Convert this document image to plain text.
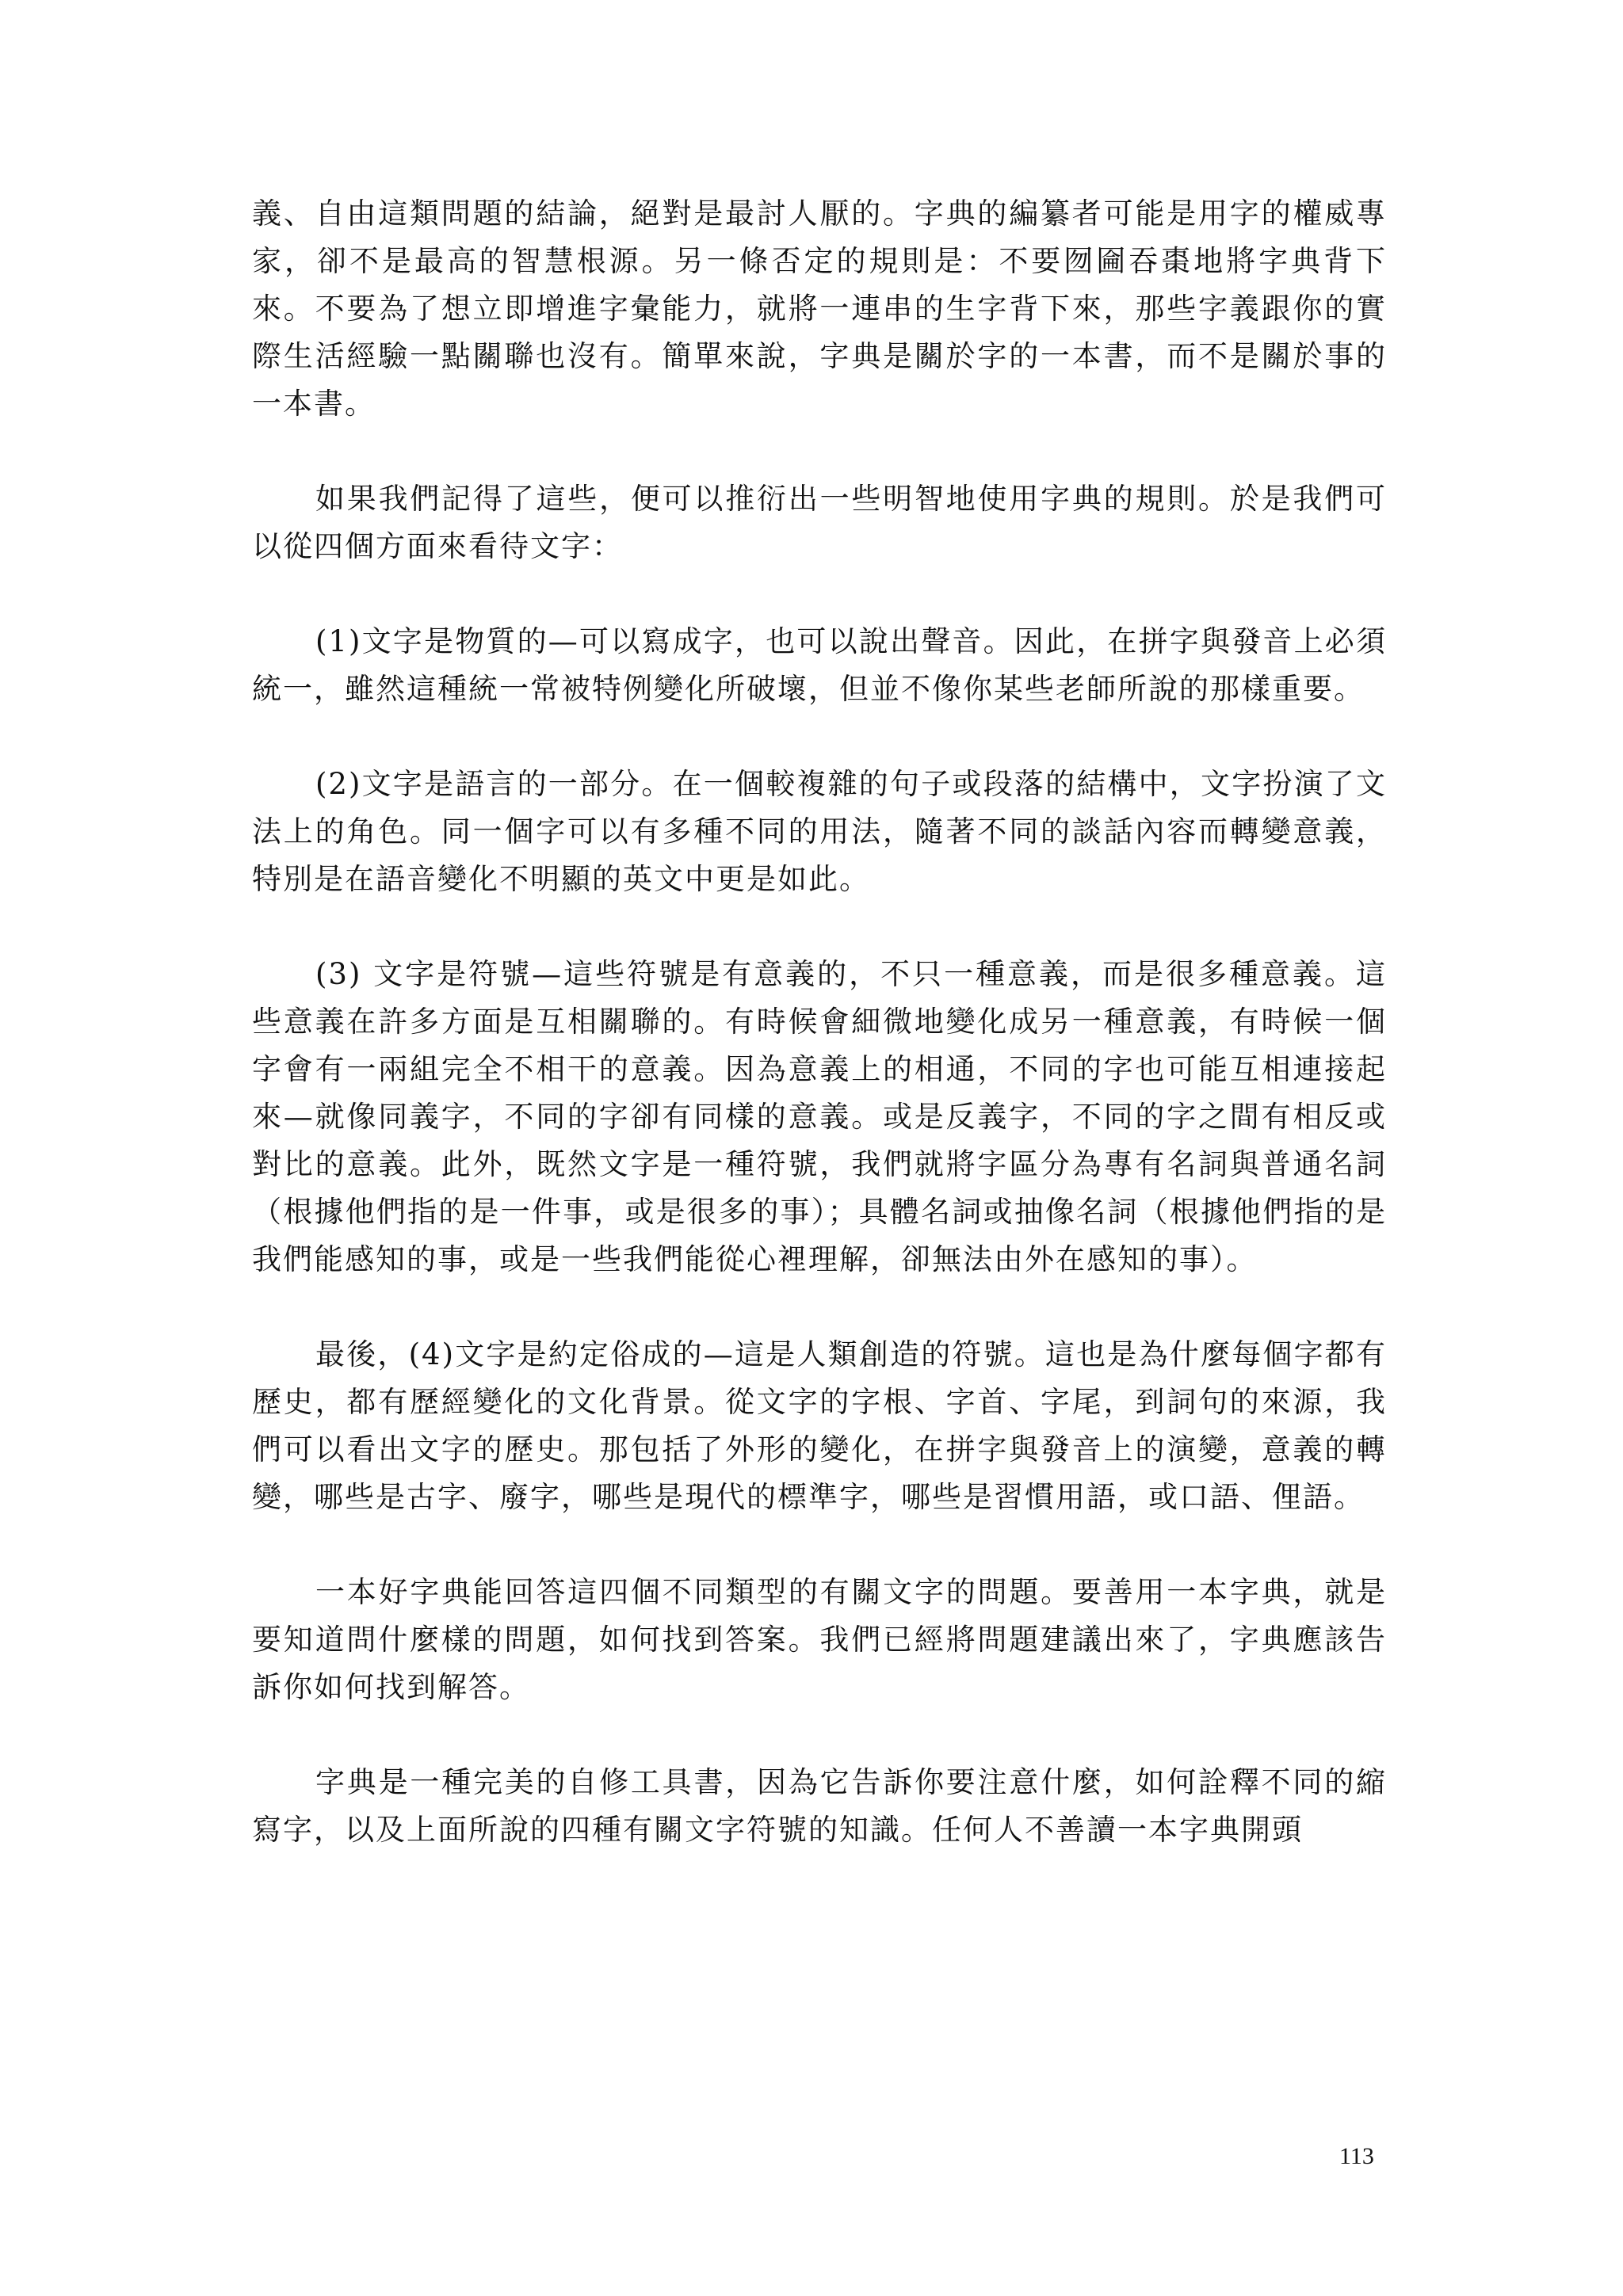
義、自由這類問題的結論，絕對是最討人厭的。字典的編纂者可能是用字的權威專家，卻不是最高的智慧根源。另一條否定的規則是：不要囫圇吞棗地將字典背下來。不要為了想立即增進字彙能力，就將一連串的生字背下來，那些字義跟你的實際生活經驗一點關聯也沒有。簡單來說，字典是關於字的一本書，而不是關於事的一本書。

如果我們記得了這些，便可以推衍出一些明智地使用字典的規則。於是我們可以從四個方面來看待文字：

(1)文字是物質的—可以寫成字，也可以說出聲音。因此，在拼字與發音上必須統一，雖然這種統一常被特例變化所破壞，但並不像你某些老師所說的那樣重要。

(2)文字是語言的一部分。在一個較複雜的句子或段落的結構中，文字扮演了文法上的角色。同一個字可以有多種不同的用法，隨著不同的談話內容而轉變意義，特別是在語音變化不明顯的英文中更是如此。

(3) 文字是符號—這些符號是有意義的，不只一種意義，而是很多種意義。這些意義在許多方面是互相關聯的。有時候會細微地變化成另一種意義，有時候一個字會有一兩組完全不相干的意義。因為意義上的相通，不同的字也可能互相連接起來—就像同義字，不同的字卻有同樣的意義。或是反義字，不同的字之間有相反或對比的意義。此外，既然文字是一種符號，我們就將字區分為專有名詞與普通名詞（根據他們指的是一件事，或是很多的事）；具體名詞或抽像名詞（根據他們指的是我們能感知的事，或是一些我們能從心裡理解，卻無法由外在感知的事）。

最後，(4)文字是約定俗成的—這是人類創造的符號。這也是為什麼每個字都有歷史，都有歷經變化的文化背景。從文字的字根、字首、字尾，到詞句的來源，我們可以看出文字的歷史。那包括了外形的變化，在拼字與發音上的演變，意義的轉變，哪些是古字、廢字，哪些是現代的標準字，哪些是習慣用語，或口語、俚語。

一本好字典能回答這四個不同類型的有關文字的問題。要善用一本字典，就是要知道問什麼樣的問題，如何找到答案。我們已經將問題建議出來了，字典應該告訴你如何找到解答。

字典是一種完美的自修工具書，因為它告訴你要注意什麼，如何詮釋不同的縮寫字，以及上面所說的四種有關文字符號的知識。任何人不善讀一本字典開頭

113
